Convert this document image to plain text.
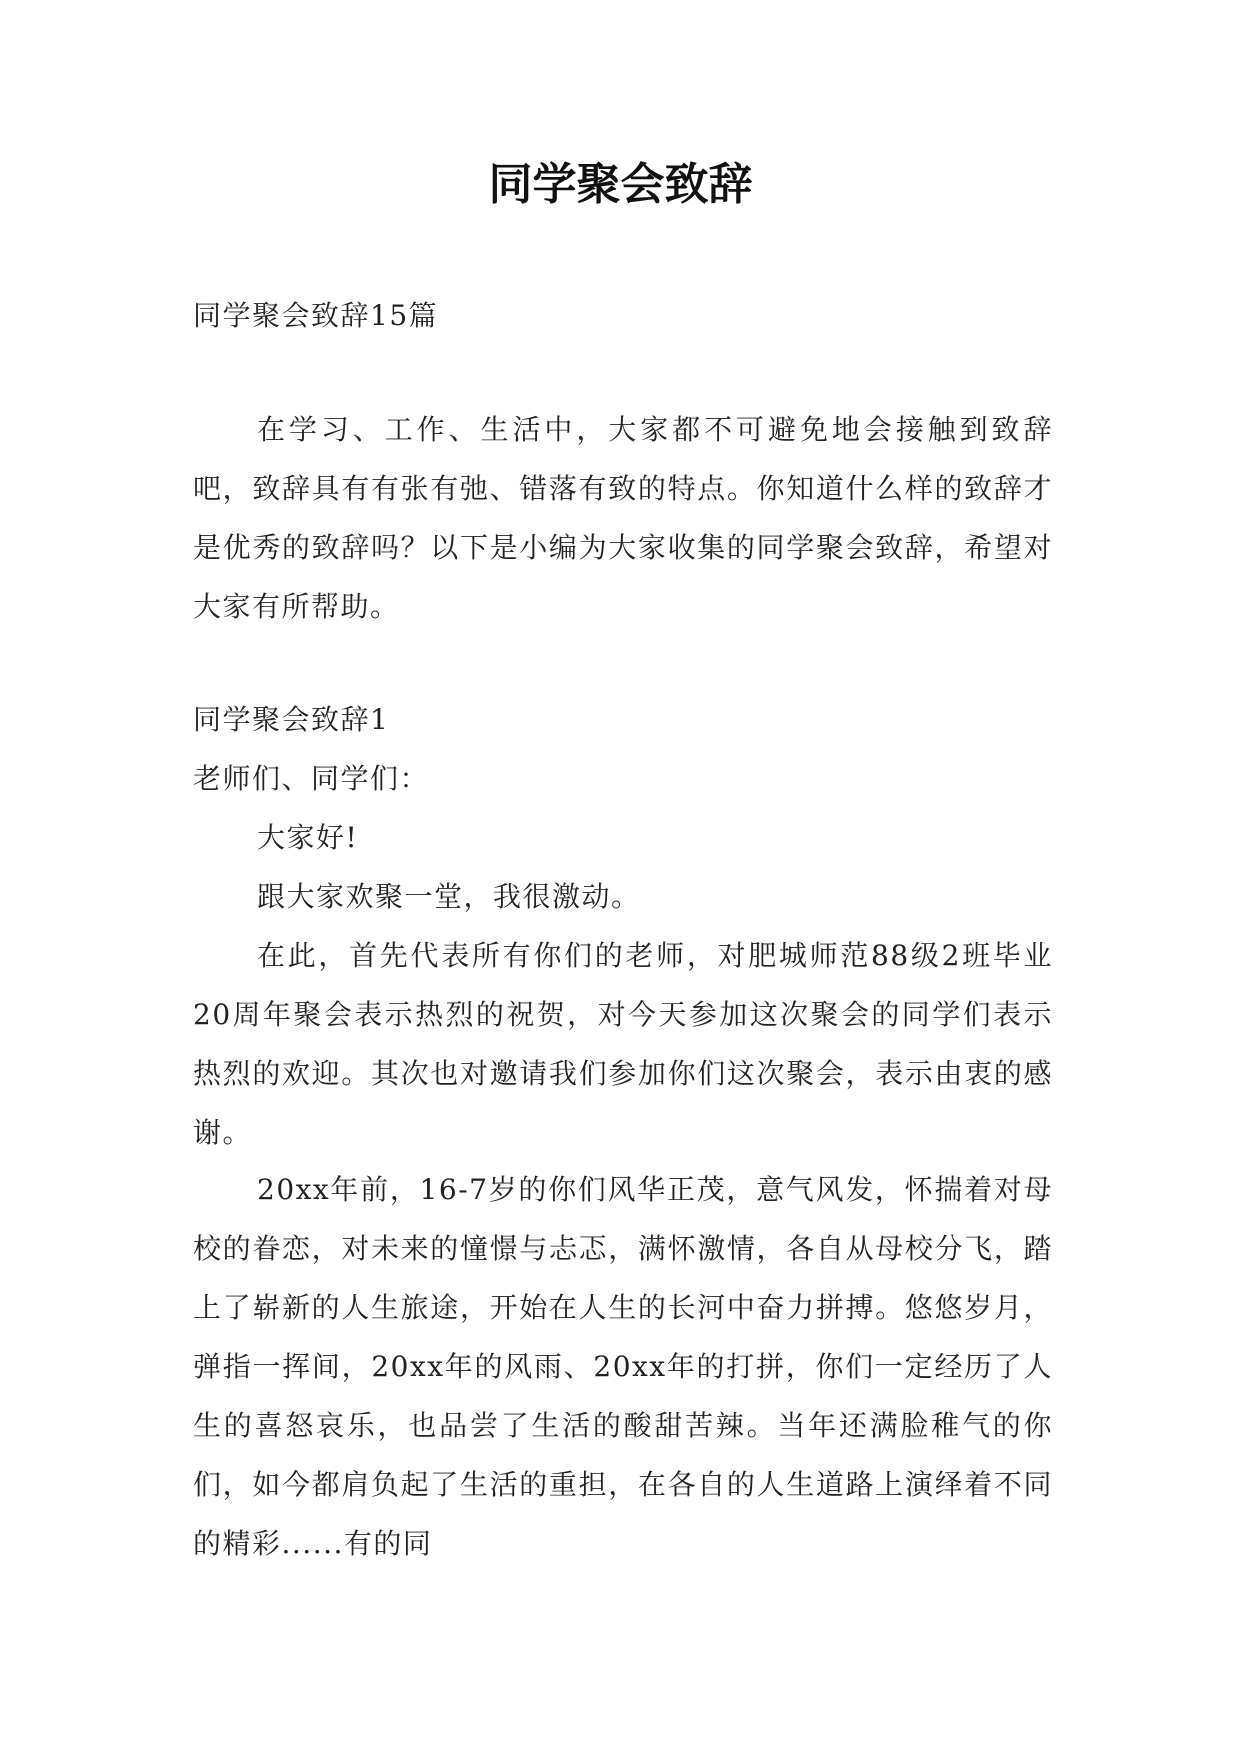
同学聚会致辞

同学聚会致辞15篇

在学习、工作、生活中，大家都不可避免地会接触到致辞吧，致辞具有有张有弛、错落有致的特点。你知道什么样的致辞才是优秀的致辞吗？以下是小编为大家收集的同学聚会致辞，希望对大家有所帮助。

同学聚会致辞1

老师们、同学们：

大家好!

跟大家欢聚一堂，我很激动。

在此，首先代表所有你们的老师，对肥城师范88级2班毕业20周年聚会表示热烈的祝贺，对今天参加这次聚会的同学们表示热烈的欢迎。其次也对邀请我们参加你们这次聚会，表示由衷的感谢。

20xx年前，16-7岁的你们风华正茂，意气风发，怀揣着对母校的眷恋，对未来的憧憬与忐忑，满怀激情，各自从母校分飞，踏上了崭新的人生旅途，开始在人生的长河中奋力拼搏。悠悠岁月，弹指一挥间，20xx年的风雨、20xx年的打拼，你们一定经历了人生的喜怒哀乐，也品尝了生活的酸甜苦辣。当年还满脸稚气的你们，如今都肩负起了生活的重担，在各自的人生道路上演绎着不同的精彩......有的同
